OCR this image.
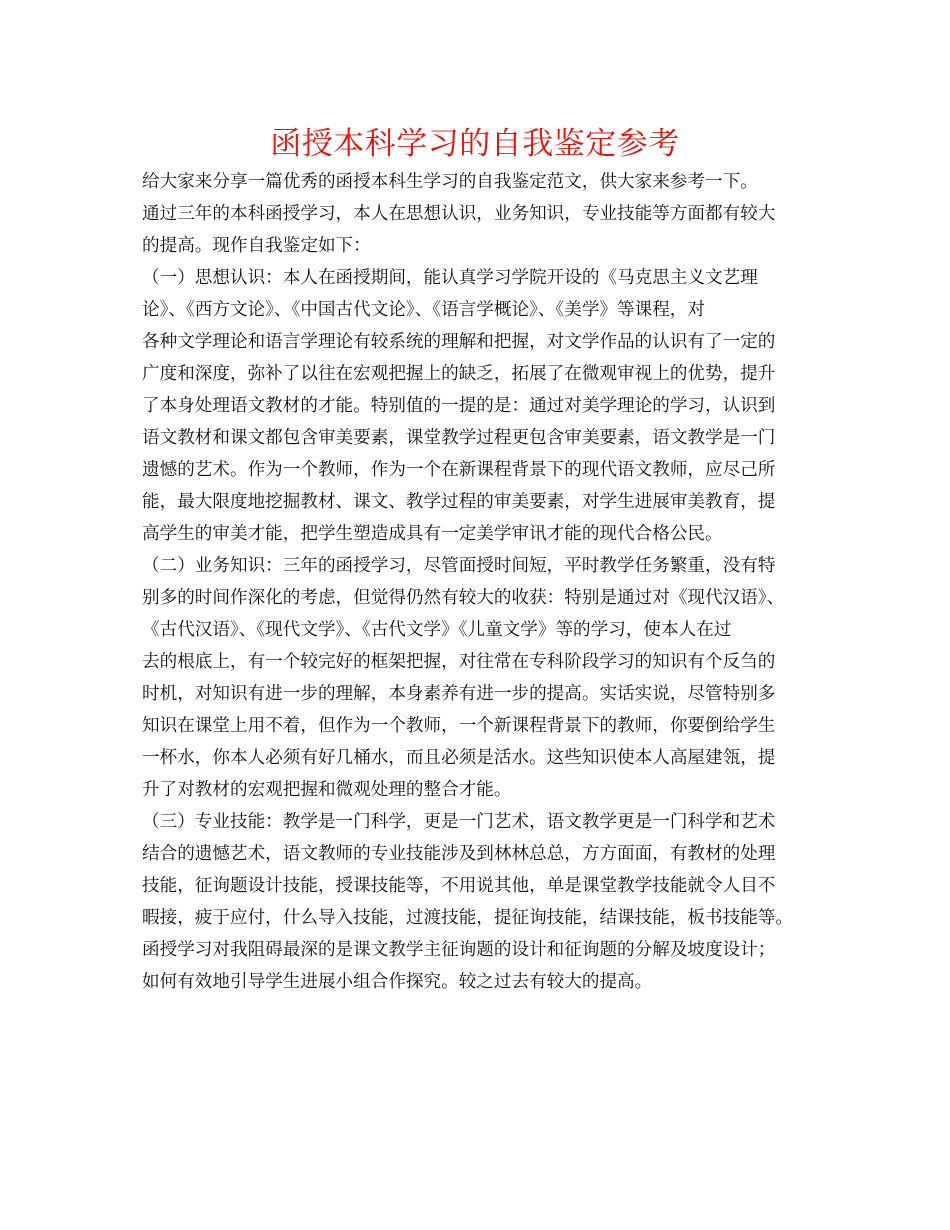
函授本科学习的自我鉴定参考
给大家来分享一篇优秀的函授本科生学习的自我鉴定范文，供大家来参考一下。
通过三年的本科函授学习，本人在思想认识，业务知识，专业技能等方面都有较大
的提高。现作自我鉴定如下：
（一）思想认识：本人在函授期间，能认真学习学院开设的《马克思主义文艺理
论》、《西方文论》、《中国古代文论》、《语言学概论》、《美学》等课程，对
各种文学理论和语言学理论有较系统的理解和把握，对文学作品的认识有了一定的
广度和深度，弥补了以往在宏观把握上的缺乏，拓展了在微观审视上的优势，提升
了本身处理语文教材的才能。特别值的一提的是：通过对美学理论的学习，认识到
语文教材和课文都包含审美要素，课堂教学过程更包含审美要素，语文教学是一门
遗憾的艺术。作为一个教师，作为一个在新课程背景下的现代语文教师，应尽己所
能，最大限度地挖掘教材、课文、教学过程的审美要素，对学生进展审美教育，提
高学生的审美才能，把学生塑造成具有一定美学审讯才能的现代合格公民。
（二）业务知识：三年的函授学习，尽管面授时间短，平时教学任务繁重，没有特
别多的时间作深化的考虑，但觉得仍然有较大的收获：特别是通过对《现代汉语》、
《古代汉语》、《现代文学》、《古代文学》《儿童文学》等的学习，使本人在过
去的根底上，有一个较完好的框架把握，对往常在专科阶段学习的知识有个反刍的
时机，对知识有进一步的理解，本身素养有进一步的提高。实话实说，尽管特别多
知识在课堂上用不着，但作为一个教师，一个新课程背景下的教师，你要倒给学生
一杯水，你本人必须有好几桶水，而且必须是活水。这些知识使本人高屋建瓴，提
升了对教材的宏观把握和微观处理的整合才能。
（三）专业技能：教学是一门科学，更是一门艺术，语文教学更是一门科学和艺术
结合的遗憾艺术，语文教师的专业技能涉及到林林总总，方方面面，有教材的处理
技能，征询题设计技能，授课技能等，不用说其他，单是课堂教学技能就令人目不
暇接，疲于应付，什么导入技能，过渡技能，提征询技能，结课技能，板书技能等。
函授学习对我阻碍最深的是课文教学主征询题的设计和征询题的分解及坡度设计；
如何有效地引导学生进展小组合作探究。较之过去有较大的提高。
